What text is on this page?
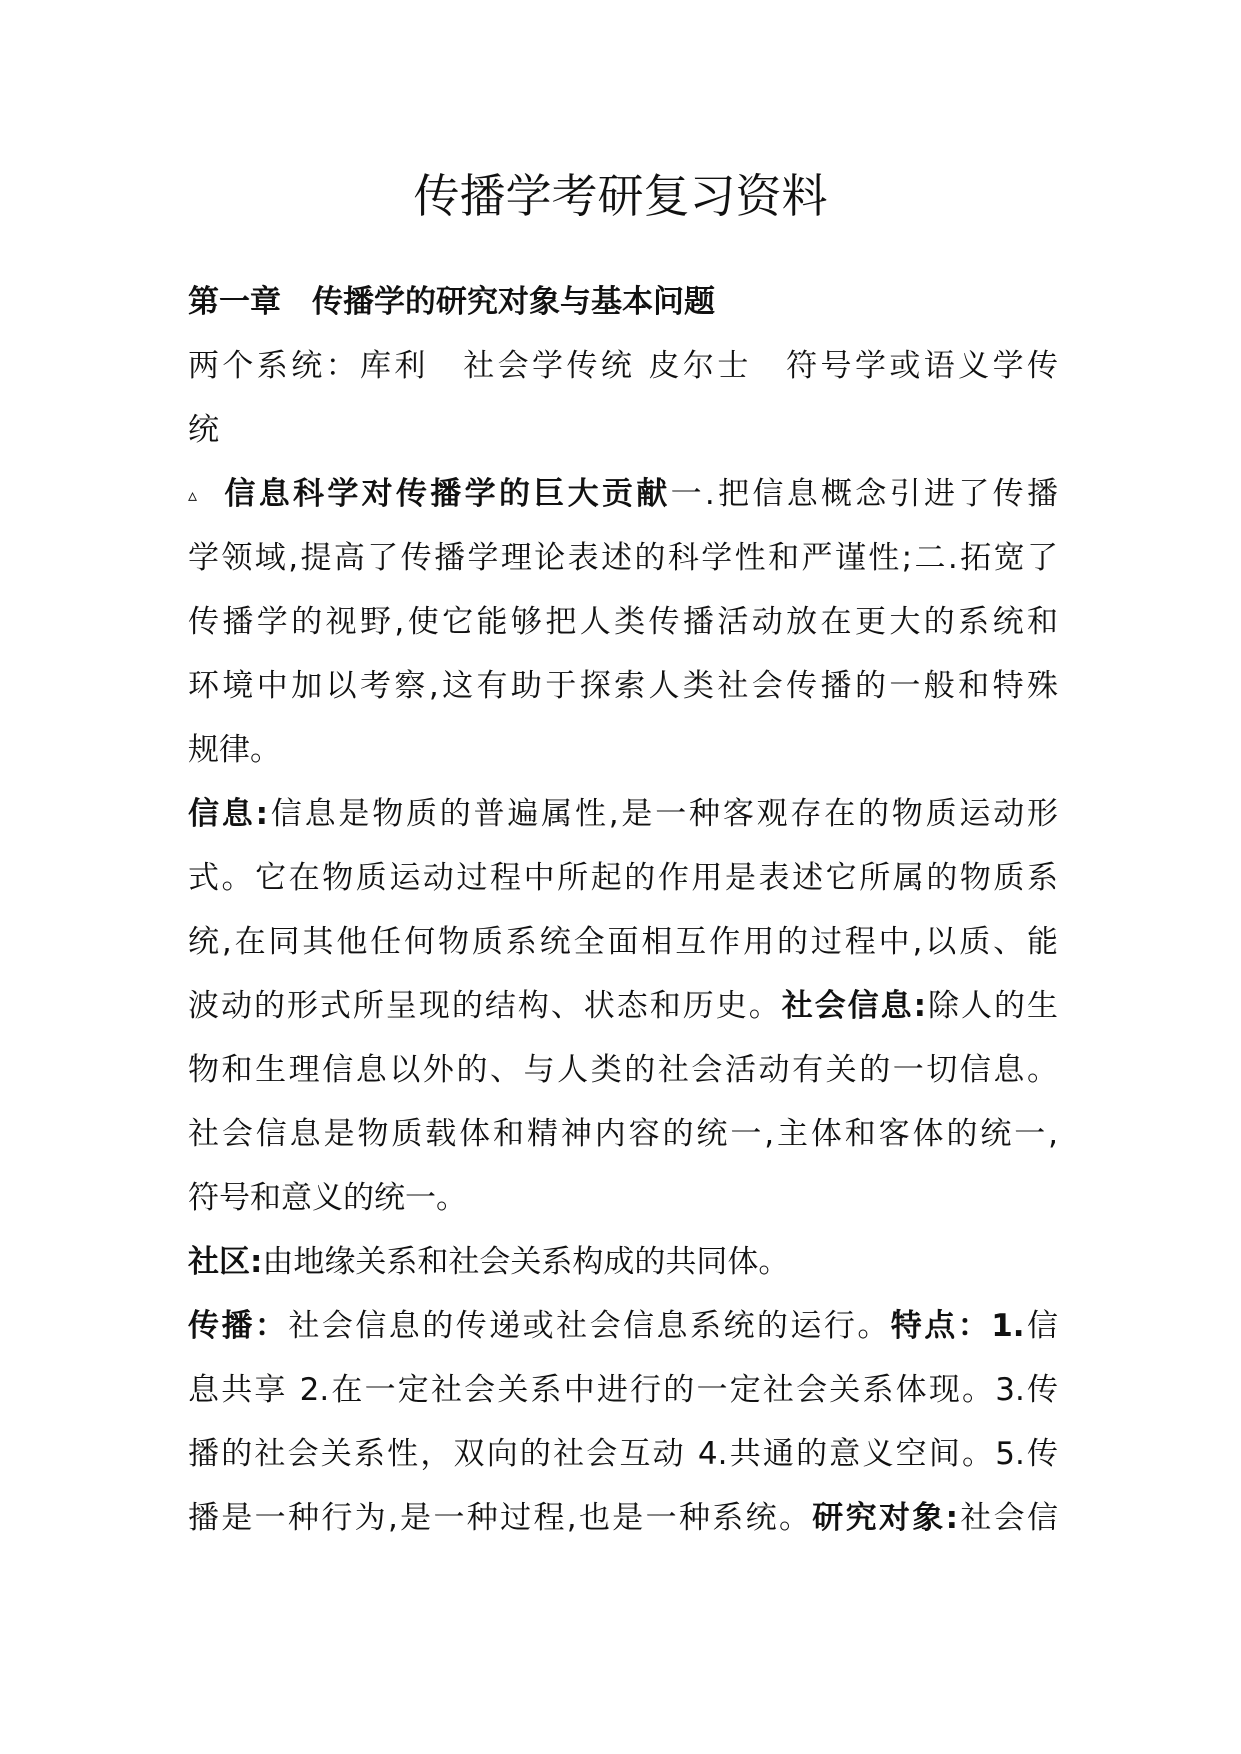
传播学考研复习资料
第一章　传播学的研究对象与基本问题
两个系统：库利　社会学传统 皮尔士　符号学或语义学传
统
▵ 信息科学对传播学的巨大贡献一.把信息概念引进了传播
学领域,提高了传播学理论表述的科学性和严谨性;二.拓宽了
传播学的视野,使它能够把人类传播活动放在更大的系统和
环境中加以考察,这有助于探索人类社会传播的一般和特殊
规律。
信息:信息是物质的普遍属性,是一种客观存在的物质运动形
式。它在物质运动过程中所起的作用是表述它所属的物质系
统,在同其他任何物质系统全面相互作用的过程中,以质、能
波动的形式所呈现的结构、状态和历史。社会信息:除人的生
物和生理信息以外的、与人类的社会活动有关的一切信息。
社会信息是物质载体和精神内容的统一,主体和客体的统一,
符号和意义的统一。
社区:由地缘关系和社会关系构成的共同体。
传播：社会信息的传递或社会信息系统的运行。特点：1.信
息共享 2.在一定社会关系中进行的一定社会关系体现。3.传
播的社会关系性，双向的社会互动 4.共通的意义空间。5.传
播是一种行为,是一种过程,也是一种系统。研究对象:社会信
